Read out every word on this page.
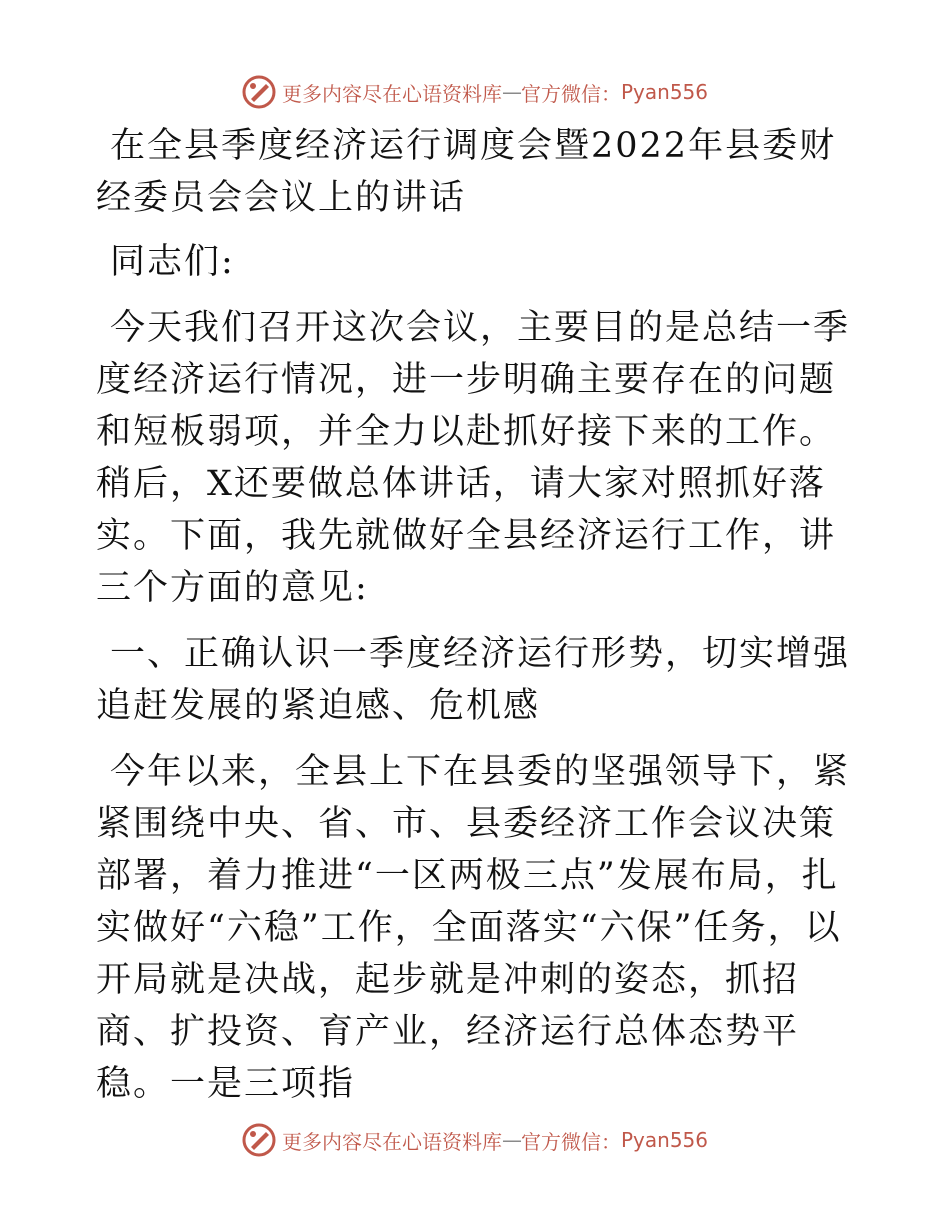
更多内容尽在心语资料库 — 官方微信： Pyan556

在全县季度经济运行调度会暨2022年县委财经委员会会议上的讲话

同志们:

今天我们召开这次会议，主要目的是总结一季度经济运行情况，进一步明确主要存在的问题和短板弱项，并全力以赴抓好接下来的工作。稍后，X还要做总体讲话，请大家对照抓好落实。下面，我先就做好全县经济运行工作，讲三个方面的意见:

一、正确认识一季度经济运行形势，切实增强追赶发展的紧迫感、危机感

今年以来，全县上下在县委的坚强领导下，紧紧围绕中央、省、市、县委经济工作会议决策部署，着力推进“一区两极三点”发展布局，扎实做好“六稳”工作，全面落实“六保”任务，以开局就是决战，起步就是冲刺的姿态，抓招商、扩投资、育产业，经济运行总体态势平稳。一是三项指

更多内容尽在心语资料库 — 官方微信： Pyan556
